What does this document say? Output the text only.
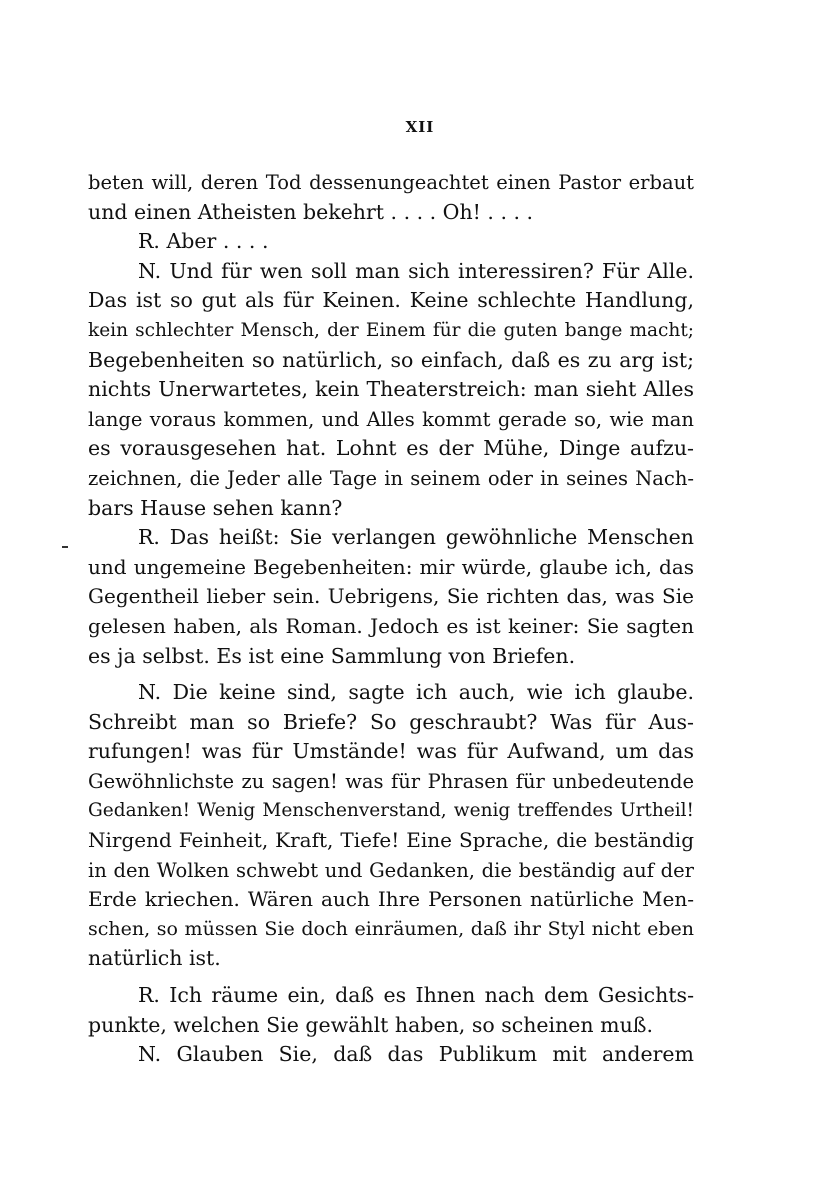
XII
beten will, deren Tod dessenungeachtet einen Pastor erbaut
und einen Atheisten bekehrt . . . . Oh! . . . .
R. Aber . . . .
N. Und für wen soll man sich interessiren? Für Alle.
Das ist so gut als für Keinen. Keine schlechte Handlung,
kein schlechter Mensch, der Einem für die guten bange macht;
Begebenheiten so natürlich, so einfach, daß es zu arg ist;
nichts Unerwartetes, kein Theaterstreich: man sieht Alles
lange voraus kommen, und Alles kommt gerade so, wie man
es vorausgesehen hat. Lohnt es der Mühe, Dinge aufzu-
zeichnen, die Jeder alle Tage in seinem oder in seines Nach-
bars Hause sehen kann?
R. Das heißt: Sie verlangen gewöhnliche Menschen
und ungemeine Begebenheiten: mir würde, glaube ich, das
Gegentheil lieber sein. Uebrigens, Sie richten das, was Sie
gelesen haben, als Roman. Jedoch es ist keiner: Sie sagten
es ja selbst. Es ist eine Sammlung von Briefen.
N. Die keine sind, sagte ich auch, wie ich glaube.
Schreibt man so Briefe? So geschraubt? Was für Aus-
rufungen! was für Umstände! was für Aufwand, um das
Gewöhnlichste zu sagen! was für Phrasen für unbedeutende
Gedanken! Wenig Menschenverstand, wenig treffendes Urtheil!
Nirgend Feinheit, Kraft, Tiefe! Eine Sprache, die beständig
in den Wolken schwebt und Gedanken, die beständig auf der
Erde kriechen. Wären auch Ihre Personen natürliche Men-
schen, so müssen Sie doch einräumen, daß ihr Styl nicht eben
natürlich ist.
R. Ich räume ein, daß es Ihnen nach dem Gesichts-
punkte, welchen Sie gewählt haben, so scheinen muß.
N. Glauben Sie, daß das Publikum mit anderem
